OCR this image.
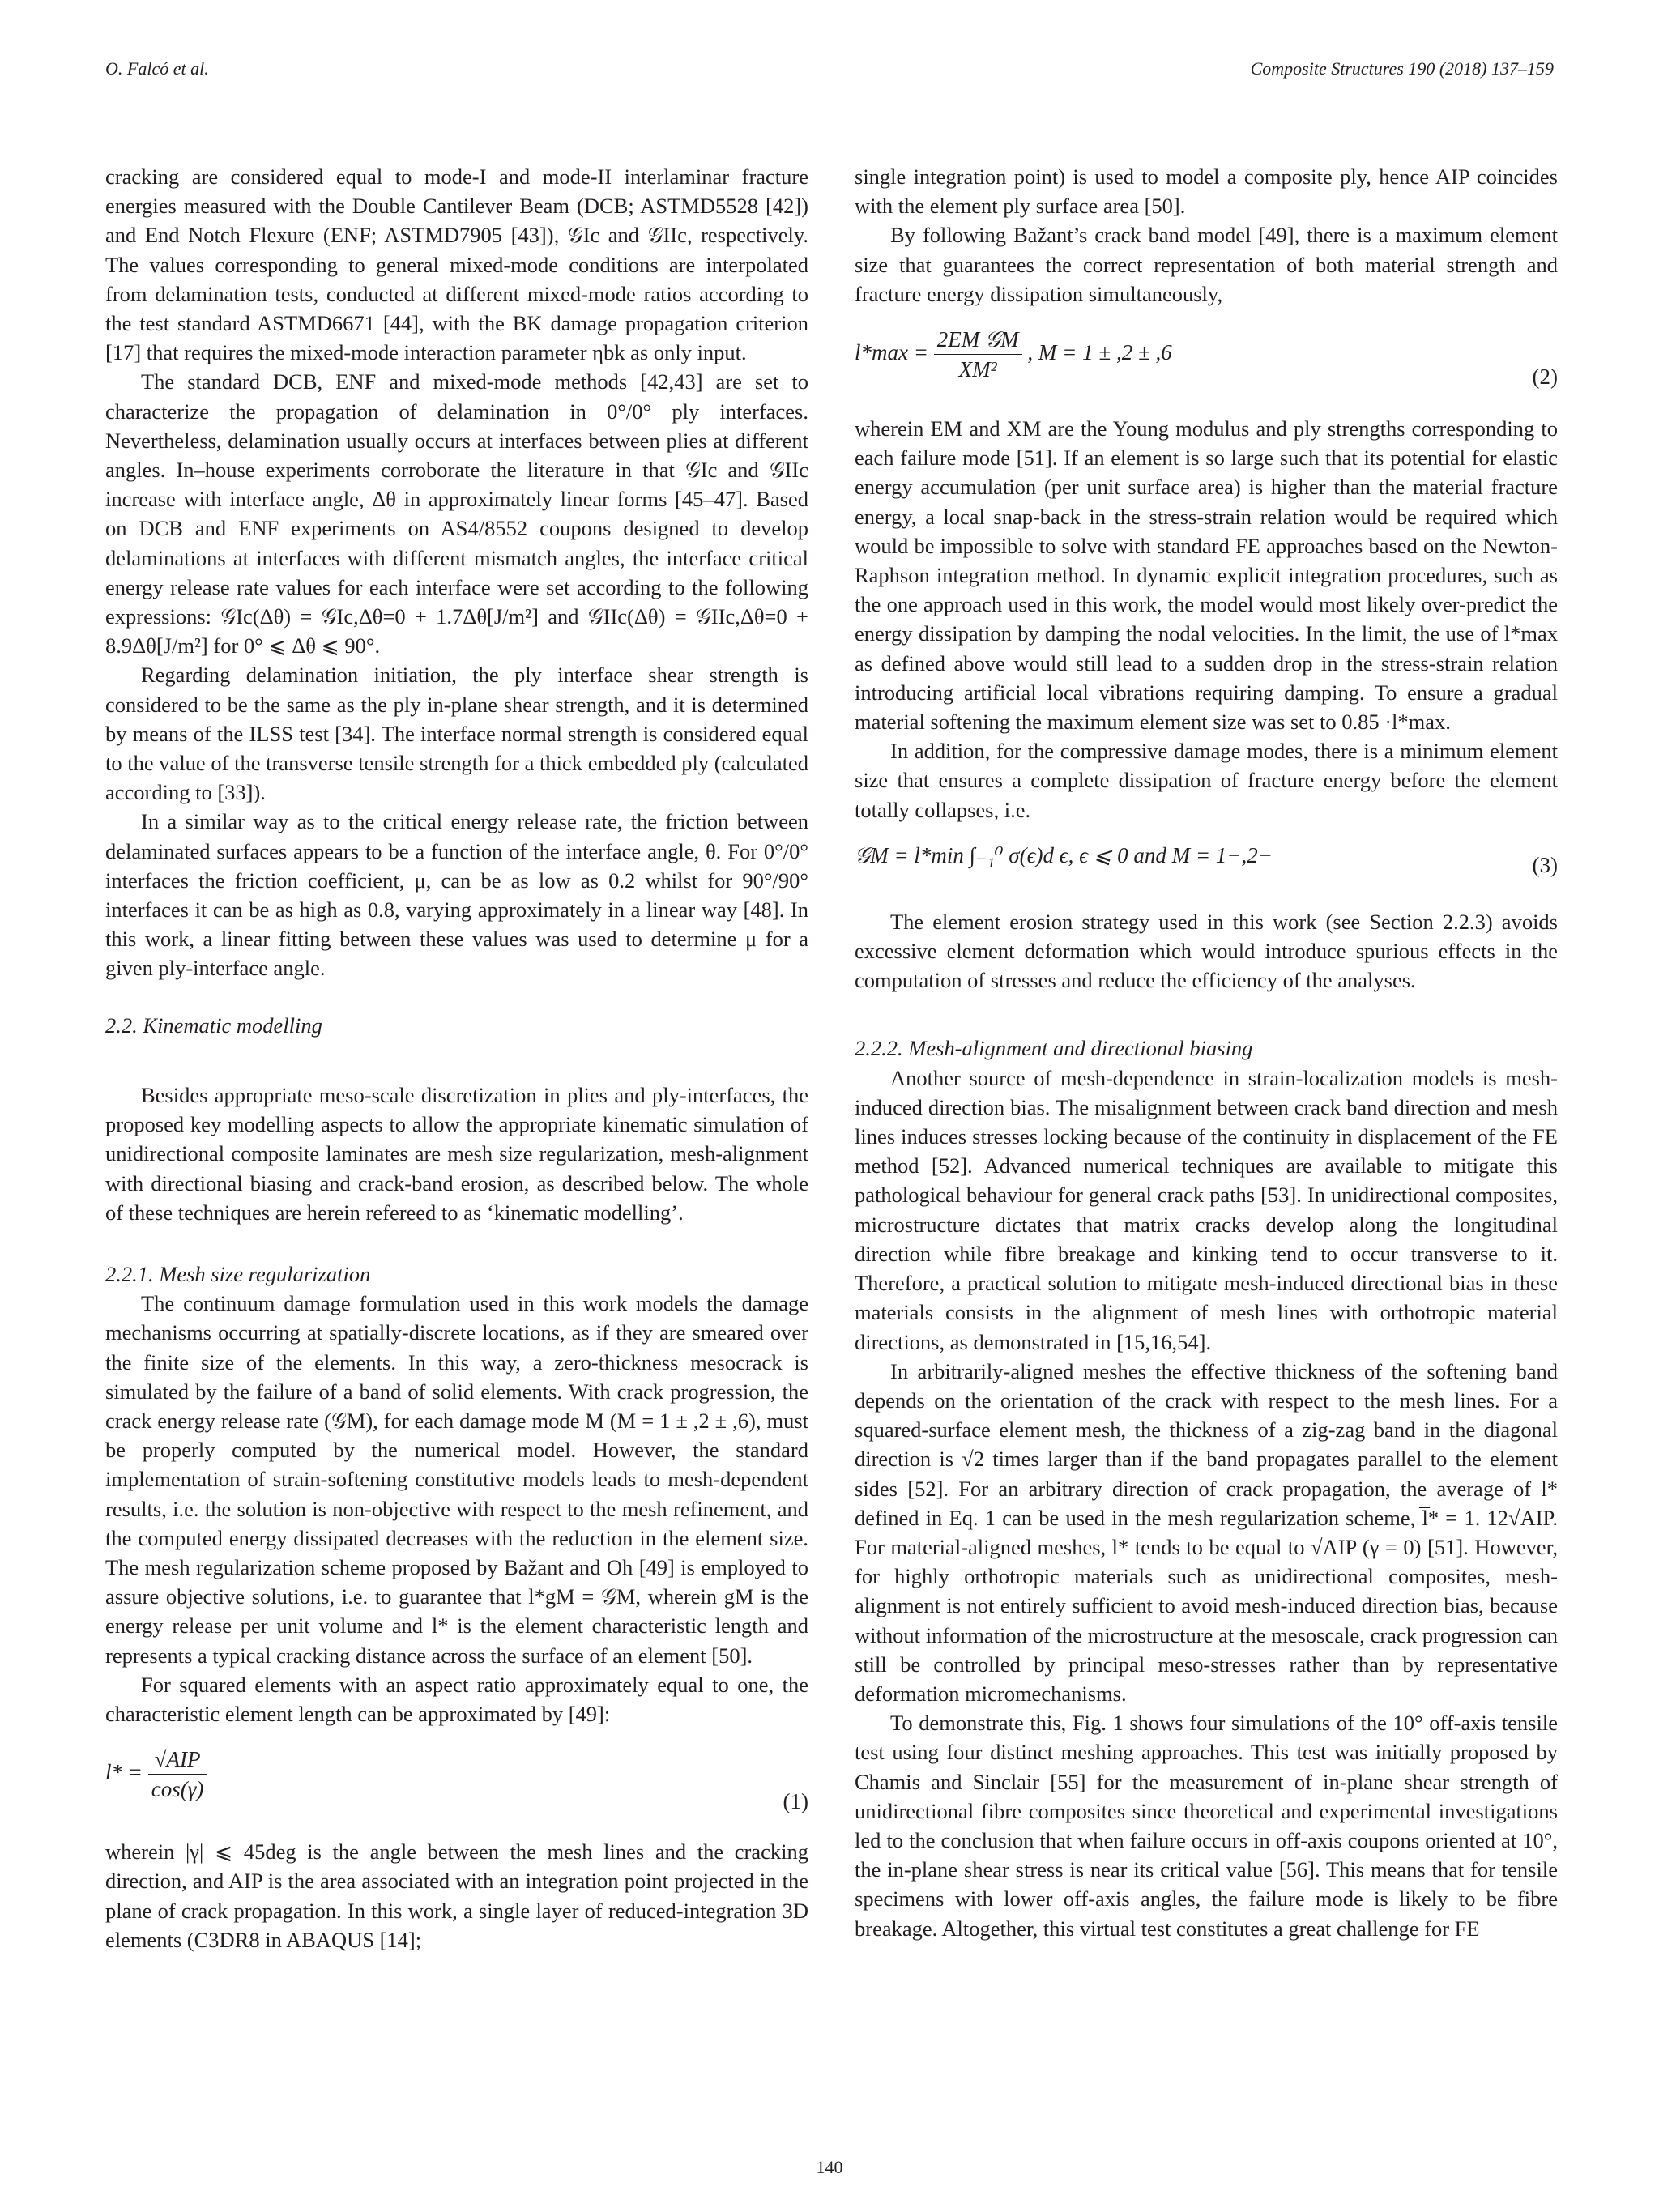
O. Falcó et al.	Composite Structures 190 (2018) 137–159

cracking are considered equal to mode-I and mode-II interlaminar fracture energies measured with the Double Cantilever Beam (DCB; ASTMD5528 [42]) and End Notch Flexure (ENF; ASTMD7905 [43]), 𝒢Ic and 𝒢IIc, respectively. The values corresponding to general mixed-mode conditions are interpolated from delamination tests, conducted at different mixed-mode ratios according to the test standard ASTMD6671 [44], with the BK damage propagation criterion [17] that requires the mixed-mode interaction parameter ηbk as only input.

The standard DCB, ENF and mixed-mode methods [42,43] are set to characterize the propagation of delamination in 0°/0° ply interfaces. Nevertheless, delamination usually occurs at interfaces between plies at different angles. In–house experiments corroborate the literature in that 𝒢Ic and 𝒢IIc increase with interface angle, Δθ in approximately linear forms [45–47]. Based on DCB and ENF experiments on AS4/8552 coupons designed to develop delaminations at interfaces with different mismatch angles, the interface critical energy release rate values for each interface were set according to the following expressions: 𝒢Ic(Δθ) = 𝒢Ic,Δθ=0 + 1.7Δθ[J/m²] and 𝒢IIc(Δθ) = 𝒢IIc,Δθ=0 + 8.9Δθ[J/m²] for 0° ⩽ Δθ ⩽ 90°.

Regarding delamination initiation, the ply interface shear strength is considered to be the same as the ply in-plane shear strength, and it is determined by means of the ILSS test [34]. The interface normal strength is considered equal to the value of the transverse tensile strength for a thick embedded ply (calculated according to [33]).

In a similar way as to the critical energy release rate, the friction between delaminated surfaces appears to be a function of the interface angle, θ. For 0°/0° interfaces the friction coefficient, μ, can be as low as 0.2 whilst for 90°/90° interfaces it can be as high as 0.8, varying approximately in a linear way [48]. In this work, a linear fitting between these values was used to determine μ for a given ply-interface angle.

2.2. Kinematic modelling

Besides appropriate meso-scale discretization in plies and ply-interfaces, the proposed key modelling aspects to allow the appropriate kinematic simulation of unidirectional composite laminates are mesh size regularization, mesh-alignment with directional biasing and crack-band erosion, as described below. The whole of these techniques are herein refereed to as ‘kinematic modelling’.

2.2.1. Mesh size regularization

The continuum damage formulation used in this work models the damage mechanisms occurring at spatially-discrete locations, as if they are smeared over the finite size of the elements. In this way, a zero-thickness mesocrack is simulated by the failure of a band of solid elements. With crack progression, the crack energy release rate (𝒢M), for each damage mode M (M = 1 ± ,2 ± ,6), must be properly computed by the numerical model. However, the standard implementation of strain-softening constitutive models leads to mesh-dependent results, i.e. the solution is non-objective with respect to the mesh refinement, and the computed energy dissipated decreases with the reduction in the element size. The mesh regularization scheme proposed by Bažant and Oh [49] is employed to assure objective solutions, i.e. to guarantee that l*gM = 𝒢M, wherein gM is the energy release per unit volume and l* is the element characteristic length and represents a typical cracking distance across the surface of an element [50].

For squared elements with an aspect ratio approximately equal to one, the characteristic element length can be approximated by [49]:

$l* = \frac{\text{√AIP}}{\cos(\gamma)}$	(1)

wherein |γ| ⩽ 45deg is the angle between the mesh lines and the cracking direction, and AIP is the area associated with an integration point projected in the plane of crack propagation. In this work, a single layer of reduced-integration 3D elements (C3DR8 in ABAQUS [14];

single integration point) is used to model a composite ply, hence AIP coincides with the element ply surface area [50].

By following Bažant’s crack band model [49], there is a maximum element size that guarantees the correct representation of both material strength and fracture energy dissipation simultaneously,

$l*\max = \frac{\text{2EM 𝒢M}}{\text{XM²}}$ , M = 1 ± ,2 ± ,6
(2)

wherein EM and XM are the Young modulus and ply strengths corresponding to each failure mode [51]. If an element is so large such that its potential for elastic energy accumulation (per unit surface area) is higher than the material fracture energy, a local snap-back in the stress-strain relation would be required which would be impossible to solve with standard FE approaches based on the Newton-Raphson integration method. In dynamic explicit integration procedures, such as the one approach used in this work, the model would most likely over-predict the energy dissipation by damping the nodal velocities. In the limit, the use of l*max as defined above would still lead to a sudden drop in the stress-strain relation introducing artificial local vibrations requiring damping. To ensure a gradual material softening the maximum element size was set to 0.85 ·l*max.

In addition, for the compressive damage modes, there is a minimum element size that ensures a complete dissipation of fracture energy before the element totally collapses, i.e.

𝒢M = l*min ∫₋₁⁰ σ(ϵ)d ϵ, ϵ ⩽ 0 and M = 1−,2−	(3)

The element erosion strategy used in this work (see Section 2.2.3) avoids excessive element deformation which would introduce spurious effects in the computation of stresses and reduce the efficiency of the analyses.

2.2.2. Mesh-alignment and directional biasing

Another source of mesh-dependence in strain-localization models is mesh-induced direction bias. The misalignment between crack band direction and mesh lines induces stresses locking because of the continuity in displacement of the FE method [52]. Advanced numerical techniques are available to mitigate this pathological behaviour for general crack paths [53]. In unidirectional composites, microstructure dictates that matrix cracks develop along the longitudinal direction while fibre breakage and kinking tend to occur transverse to it. Therefore, a practical solution to mitigate mesh-induced directional bias in these materials consists in the alignment of mesh lines with orthotropic material directions, as demonstrated in [15,16,54].

In arbitrarily-aligned meshes the effective thickness of the softening band depends on the orientation of the crack with respect to the mesh lines. For a squared-surface element mesh, the thickness of a zig-zag band in the diagonal direction is √2 times larger than if the band propagates parallel to the element sides [52]. For an arbitrary direction of crack propagation, the average of l* defined in Eq. 1 can be used in the mesh regularization scheme, l̅* = 1. 12√AIP. For material-aligned meshes, l* tends to be equal to √AIP (γ = 0) [51]. However, for highly orthotropic materials such as unidirectional composites, mesh-alignment is not entirely sufficient to avoid mesh-induced direction bias, because without information of the microstructure at the mesoscale, crack progression can still be controlled by principal meso-stresses rather than by representative deformation micromechanisms.

To demonstrate this, Fig. 1 shows four simulations of the 10° off-axis tensile test using four distinct meshing approaches. This test was initially proposed by Chamis and Sinclair [55] for the measurement of in-plane shear strength of unidirectional fibre composites since theoretical and experimental investigations led to the conclusion that when failure occurs in off-axis coupons oriented at 10°, the in-plane shear stress is near its critical value [56]. This means that for tensile specimens with lower off-axis angles, the failure mode is likely to be fibre breakage. Altogether, this virtual test constitutes a great challenge for FE

140
